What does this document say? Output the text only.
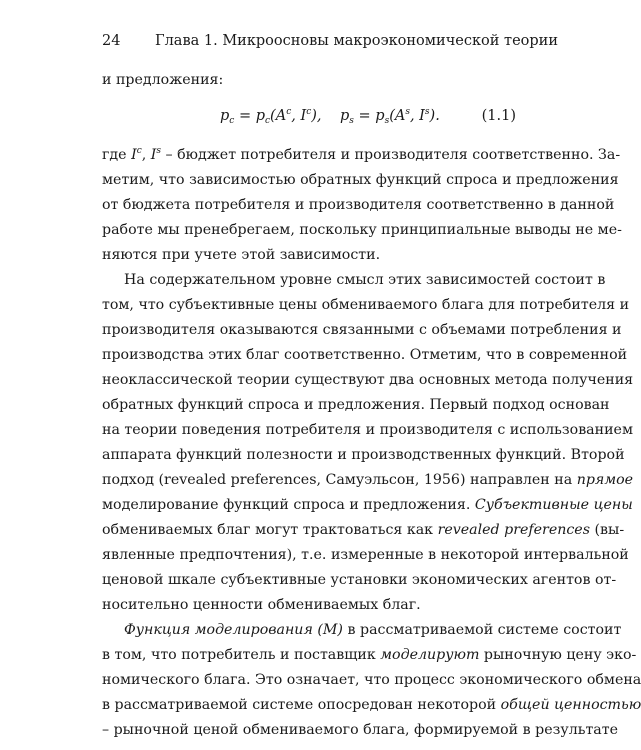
24 Глава 1. Микроосновы макроэкономической теории
и предложения:
$p_c = p_c(A^c$, $I^c$), $p_s = p_s(A^s$, $I^s$).	(1.1)
где $I^c$, $I^s$ – бюджет потребителя и производителя соответственно. За-
метим, что зависимостью обратных функций спроса и предложения
от бюджета потребителя и производителя соответственно в данной
работе мы пренебрегаем, поскольку принципиальные выводы не ме-
няются при учете этой зависимости.
На содержательном уровне смысл этих зависимостей состоит в
том, что субъективные цены обмениваемого блага для потребителя и
производителя оказываются связанными с объемами потребления и
производства этих благ соответственно. Отметим, что в современной
неоклассической теории существуют два основных метода получения
обратных функций спроса и предложения. Первый подход основан
на теории поведения потребителя и производителя с использованием
аппарата функций полезности и производственных функций. Второй
подход (revealed preferences, Самуэльсон, 1956) направлен на прямое
моделирование функций спроса и предложения. Субъективные цены
обмениваемых благ могут трактоваться как revealed preferences (вы-
явленные предпочтения), т.е. измеренные в некоторой интервальной
ценовой шкале субъективные установки экономических агентов от-
носительно ценности обмениваемых благ.
Функция моделирования (M) в рассматриваемой системе состоит
в том, что потребитель и поставщик моделируют рыночную цену эко-
номического блага. Это означает, что процесс экономического обмена
в рассматриваемой системе опосредован некоторой общей ценностью
– рыночной ценой обмениваемого блага, формируемой в результате
